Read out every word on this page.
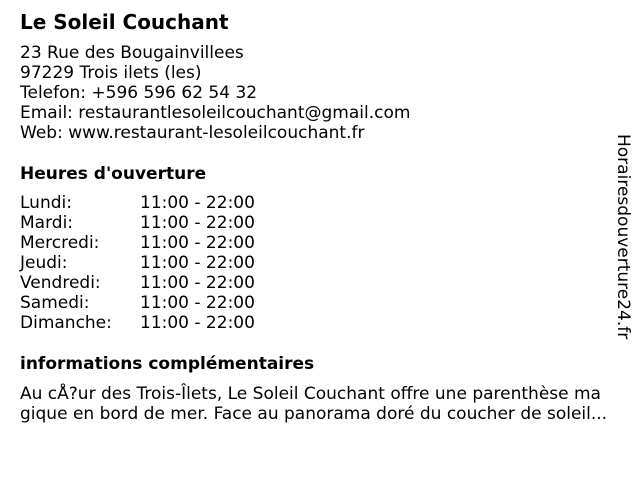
Le Soleil Couchant
23 Rue des Bougainvillees
97229 Trois ilets (les)
Telefon: +596 596 62 54 32
Email: restaurantlesoleilcouchant@gmail.com
Web: www.restaurant-lesoleilcouchant.fr
Heures d'ouverture
Lundi:	11:00 - 22:00
Mardi:	11:00 - 22:00
Mercredi:	11:00 - 22:00
Jeudi:	11:00 - 22:00
Vendredi:	11:00 - 22:00
Samedi:	11:00 - 22:00
Dimanche:	11:00 - 22:00
informations complémentaires
Au cÅ?ur des Trois-Îlets, Le Soleil Couchant offre une parenthèse ma
gique en bord de mer. Face au panorama doré du coucher de soleil...
Horairesdouverture24.fr
